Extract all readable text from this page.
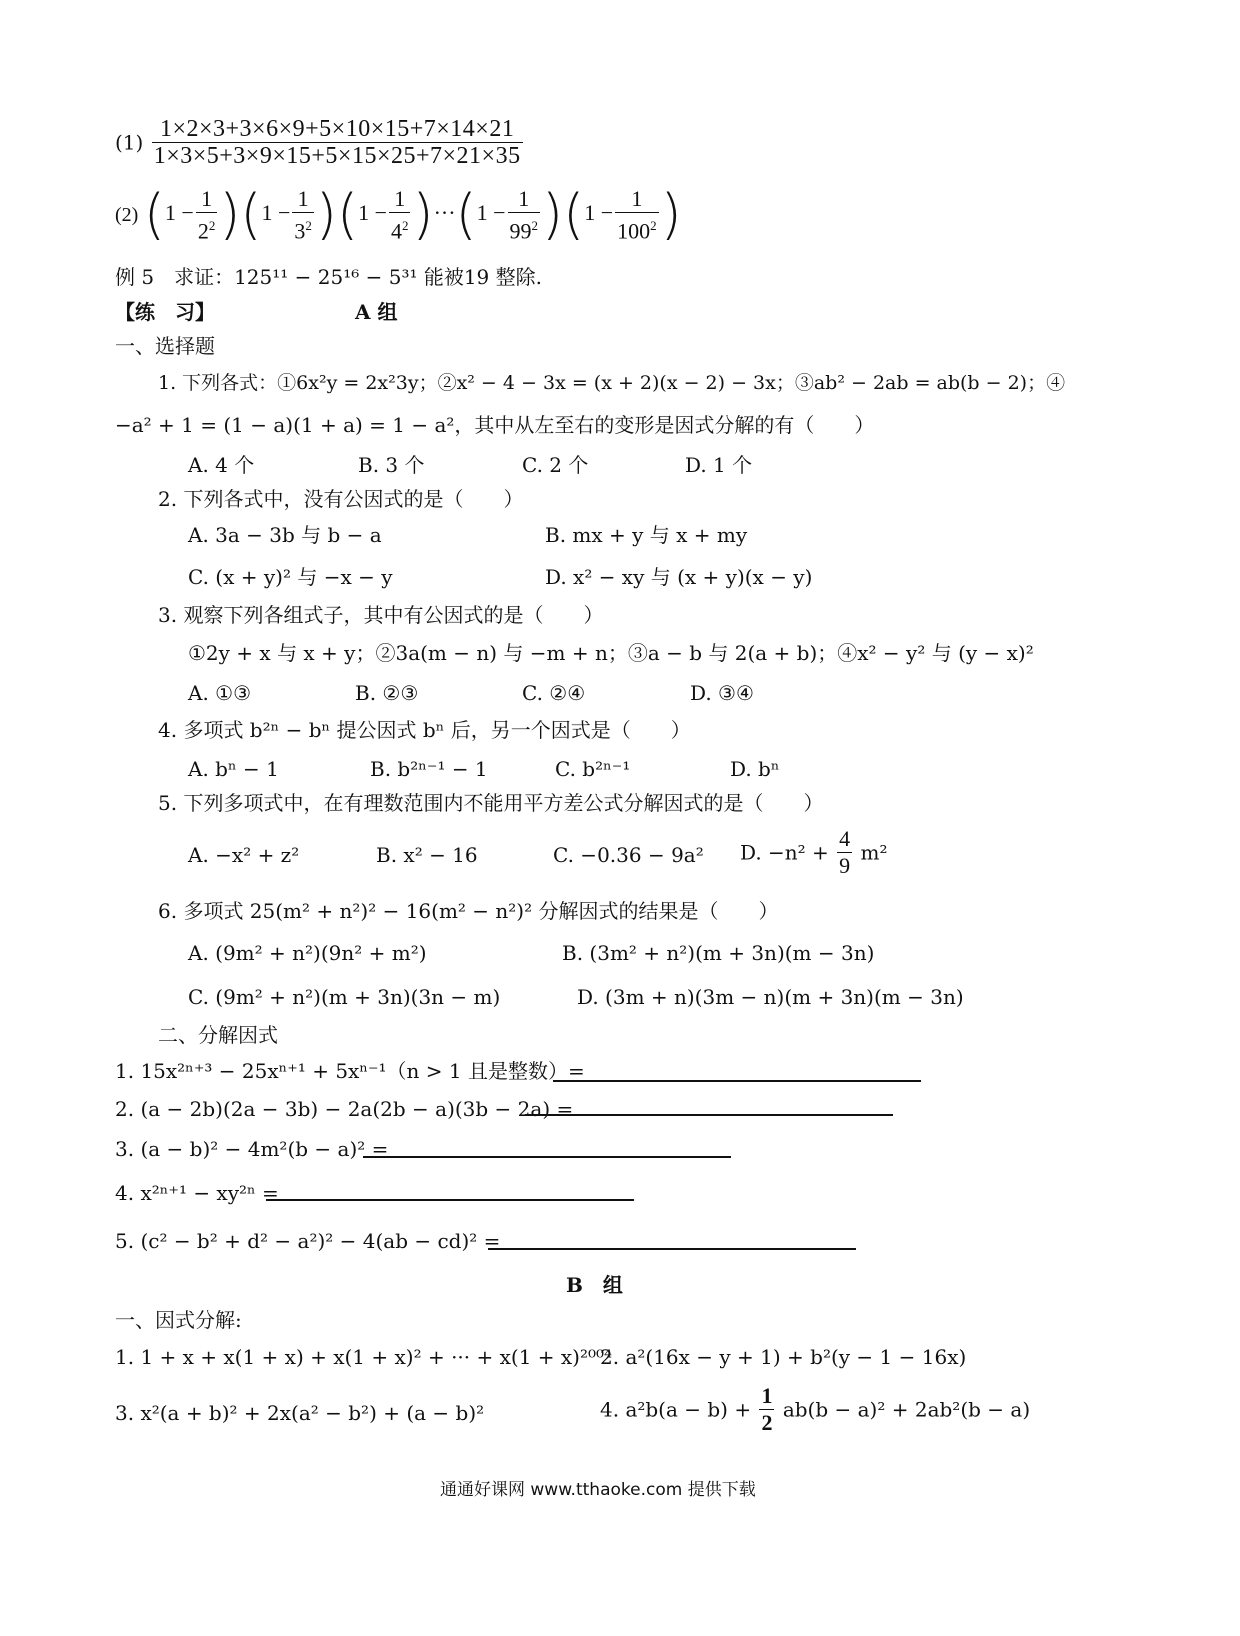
$(1) \frac{1\times 2\times 3+3\times 6\times 9+5\times 10\times 15+7\times 14\times 21}{1\times 3\times 5+3\times 9\times 15+5\times 15\times 25+7\times 21\times 35}$
(2) $(1 - \frac{1}{2^2} )(1 - \frac{1}{3^2} )(1 - \frac{1}{4^2} )\cdot\cdot\cdot(1 - \frac{1}{99^2} )(1 - \frac{1}{100^2}$ )
例 5　求证：125¹¹ − 25¹⁶ − 5³¹ 能被19 整除.
【练　习】	A 组
一、选择题
1. 下列各式：①6x²y = 2x²3y；②x² − 4 − 3x = (x + 2)(x − 2) − 3x；③ab² − 2ab = ab(b − 2)；④
−a² + 1 = (1 − a)(1 + a) = 1 − a²，其中从左至右的变形是因式分解的有（　　）
A. 4 个	B. 3 个	C. 2 个	D. 1 个
2. 下列各式中，没有公因式的是（　　）
A. 3a − 3b 与 b − a	B. mx + y 与 x + my
C. (x + y)² 与 −x − y	D. x² − xy 与 (x + y)(x − y)
3. 观察下列各组式子，其中有公因式的是（　　）
①2y + x 与 x + y；②3a(m − n) 与 −m + n；③a − b 与 2(a + b)；④x² − y² 与 (y − x)²
A. ①③	B. ②③	C. ②④	D. ③④
4. 多项式 b²ⁿ − bⁿ 提公因式 bⁿ 后，另一个因式是（　　）
A. bⁿ − 1	B. b²ⁿ⁻¹ − 1	C. b²ⁿ⁻¹	D. bⁿ
5. 下列多项式中，在有理数范围内不能用平方差公式分解因式的是（　　）
A. −x² + z²	B. x² − 16	C. −0.36 − 9a² D. $-n^2 + \frac{4}{9} m^2$
6. 多项式 25(m² + n²)² − 16(m² − n²)² 分解因式的结果是（　　）
A. (9m² + n²)(9n² + m²)	B. (3m² + n²)(m + 3n)(m − 3n)
C. (9m² + n²)(m + 3n)(3n − m)	D. (3m + n)(3m − n)(m + 3n)(m − 3n)
二、分解因式
1. 15x²ⁿ⁺³ − 25xⁿ⁺¹ + 5xⁿ⁻¹（n > 1 且是整数）=
2. (a − 2b)(2a − 3b) − 2a(2b − a)(3b − 2a) =
3. (a − b)² − 4m²(b − a)² =
4. x²ⁿ⁺¹ − xy²ⁿ =
5. (c² − b² + d² − a²)² − 4(ab − cd)² =
B　组
一、因式分解:
1. 1 + x + x(1 + x) + x(1 + x)² + ··· + x(1 + x)²⁰⁰⁴
2. a²(16x − y + 1) + b²(y − 1 − 16x)
3. x²(a + b)² + 2x(a² − b²) + (a − b)²	4. $a^2b(a - b) + \frac{1}{2} ab(b - a)^2 + 2ab^2(b - a)$
通通好课网 www.tthaoke.com 提供下载
